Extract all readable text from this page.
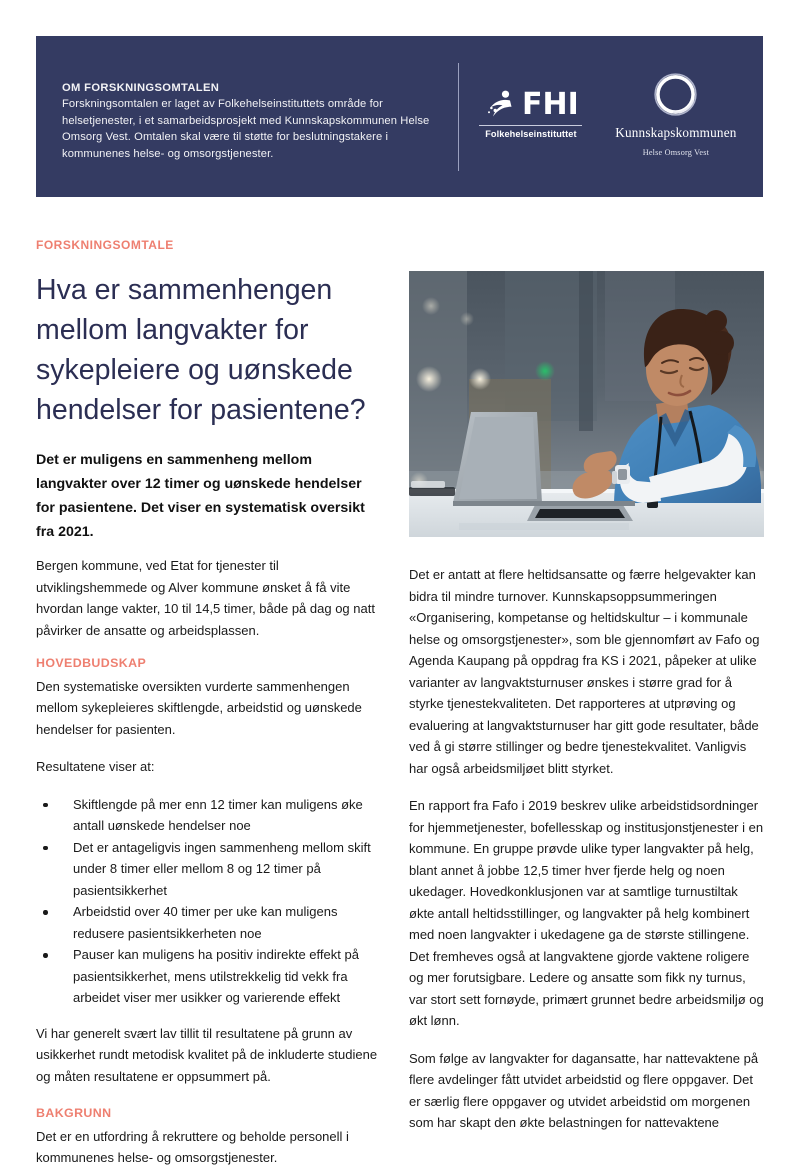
OM FORSKNINGSOMTALEN
Forskningsomtalen er laget av Folkehelseinstituttets område for helsetjenester, i et samarbeidsprosjekt med Kunnskapskommunen Helse Omsorg Vest. Omtalen skal være til støtte for beslutningstakere i kommunenes helse- og omsorgstjenester.
FHI
Folkehelseinstituttet	Kunnskapskommunen
Helse Omsorg Vest
FORSKNINGSOMTALE
Hva er sammenhengen mellom langvakter for sykepleiere og uønskede hendelser for pasientene?
Det er muligens en sammenheng mellom langvakter over 12 timer og uønskede hendelser for pasientene. Det viser en systematisk oversikt fra 2021.
Bergen kommune, ved Etat for tjenester til utviklingshemmede og Alver kommune ønsket å få vite hvordan lange vakter, 10 til 14,5 timer, både på dag og natt påvirker de ansatte og arbeidsplassen.
HOVEDBUDSKAP

Den systematiske oversikten vurderte sammenhengen mellom sykepleieres skiftlengde, arbeidstid og uønskede hendelser for pasienten.

Resultatene viser at:

Skiftlengde på mer enn 12 timer kan muligens øke antall uønskede hendelser noe
Det er antageligvis ingen sammenheng mellom skift under 8 timer eller mellom 8 og 12 timer på pasientsikkerhet
Arbeidstid over 40 timer per uke kan muligens redusere pasientsikkerheten noe
Pauser kan muligens ha positiv indirekte effekt på pasientsikkerhet, mens utilstrekkelig tid vekk fra arbeidet viser mer usikker og varierende effekt

Vi har generelt svært lav tillit til resultatene på grunn av usikkerhet rundt metodisk kvalitet på de inkluderte studiene og måten resultatene er oppsummert på.

BAKGRUNN

Det er en utfordring å rekruttere og beholde personell i kommunenes helse- og omsorgstjenester.

Det er antatt at flere heltidsansatte og færre helgevakter kan bidra til mindre turnover. Kunnskapsoppsummeringen «Organisering, kompetanse og heltidskultur – i kommunale helse og omsorgstjenester», som ble gjennomført av Fafo og Agenda Kaupang på oppdrag fra KS i 2021, påpeker at ulike varianter av langvaktsturnuser ønskes i større grad for å styrke tjenestekvaliteten. Det rapporteres at utprøving og evaluering at langvaktsturnuser har gitt gode resultater, både ved å gi større stillinger og bedre tjenestekvalitet. Vanligvis har også arbeidsmiljøet blitt styrket.

En rapport fra Fafo i 2019 beskrev ulike arbeidstidsordninger for hjemmetjenester, bofellesskap og institusjonstjenester i en kommune. En gruppe prøvde ulike typer langvakter på helg, blant annet å jobbe 12,5 timer hver fjerde helg og noen ukedager. Hovedkonklusjonen var at samtlige turnustiltak økte antall heltidsstillinger, og langvakter på helg kombinert med noen langvakter i ukedagene ga de største stillingene. Det fremheves også at langvaktene gjorde vaktene roligere og mer forutsigbare. Ledere og ansatte som fikk ny turnus, var stort sett fornøyde, primært grunnet bedre arbeidsmiljø og økt lønn.

Som følge av langvakter for dagansatte, har nattevaktene på flere avdelinger fått utvidet arbeidstid og flere oppgaver. Det er særlig flere oppgaver og utvidet arbeidstid om morgenen som har skapt den økte belastningen for nattevaktene
